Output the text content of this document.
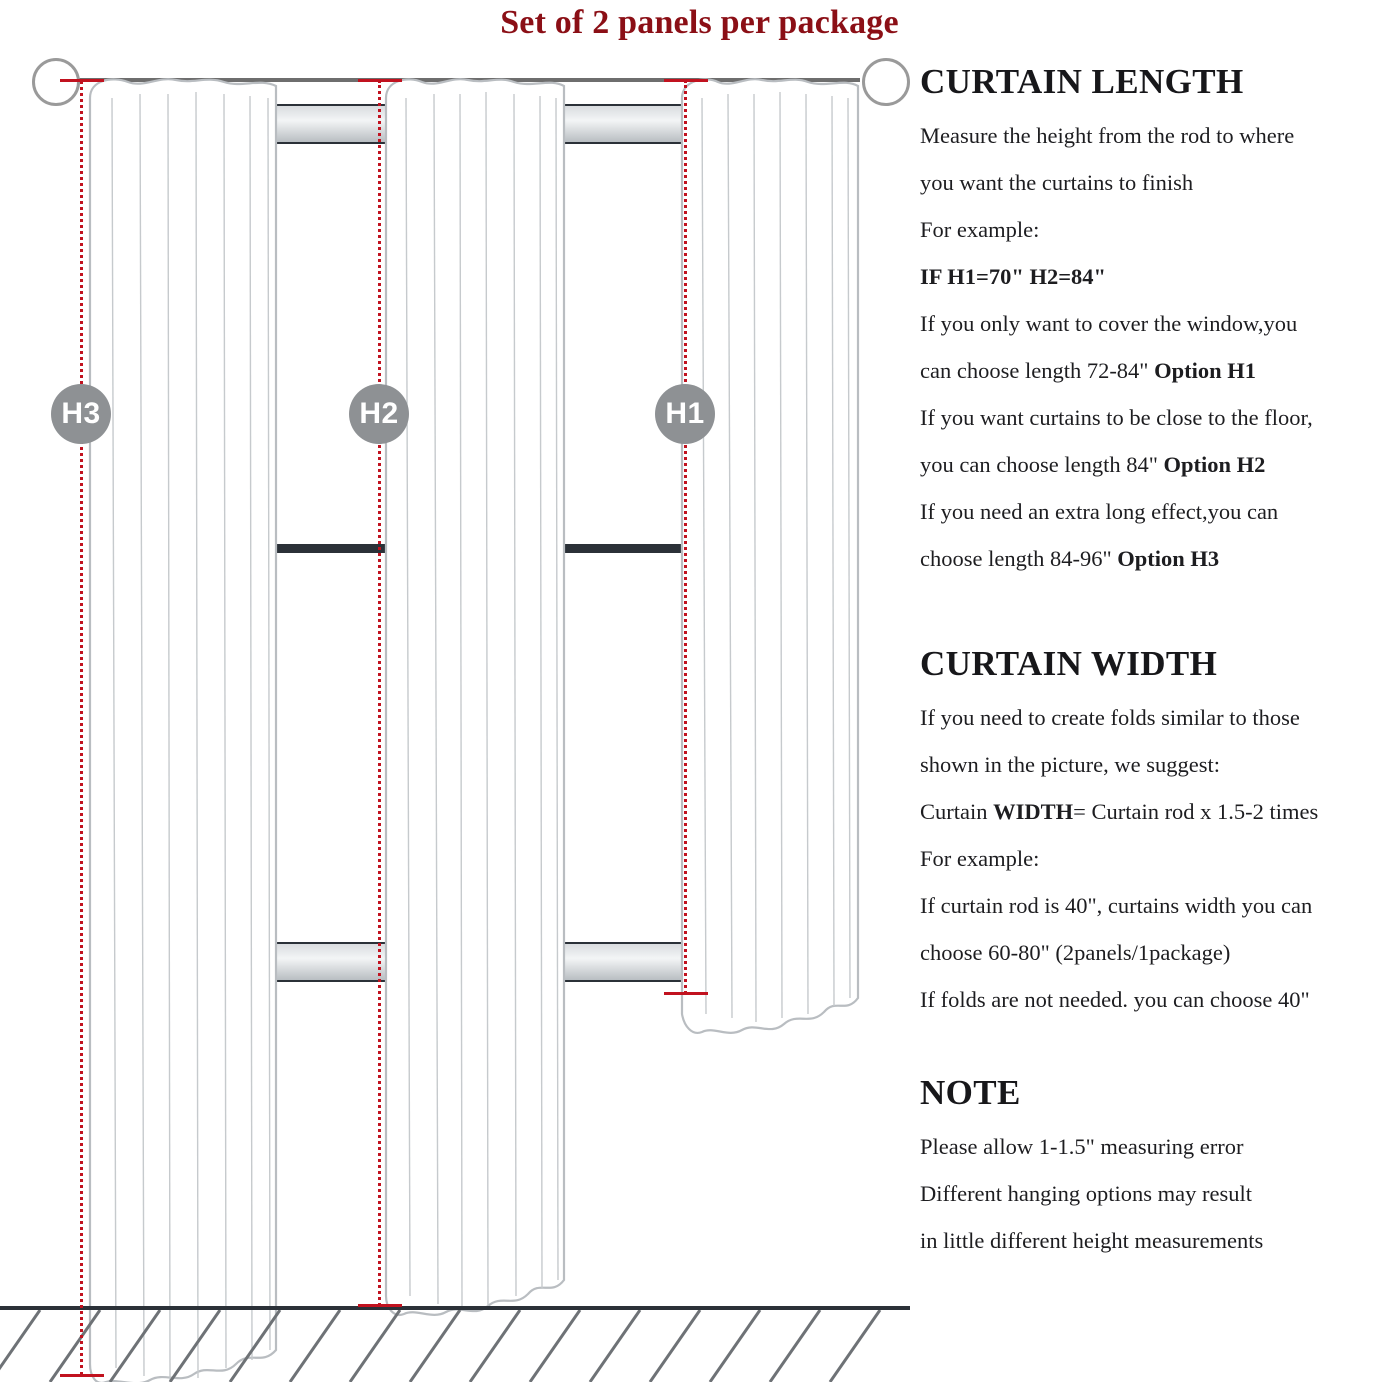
Set of 2 panels per package
H3	H2	H1
CURTAIN LENGTH
Measure the height from the rod to where
you want the curtains to finish
For example:
IF H1=70" H2=84"
If you only want to cover the window,you
can choose length 72-84" Option H1
If you want curtains to be close to the floor,
you can choose length 84" Option H2
If you need an extra long effect,you can
choose length 84-96" Option H3
CURTAIN WIDTH
If you need to create folds similar to those
shown in the picture, we suggest:
Curtain WIDTH= Curtain rod x 1.5-2 times
For example:
If curtain rod is 40", curtains width you can
choose 60-80" (2panels/1package)
If folds are not needed. you can choose 40"
NOTE
Please allow 1-1.5" measuring error
Different hanging options may result
in little different height measurements
